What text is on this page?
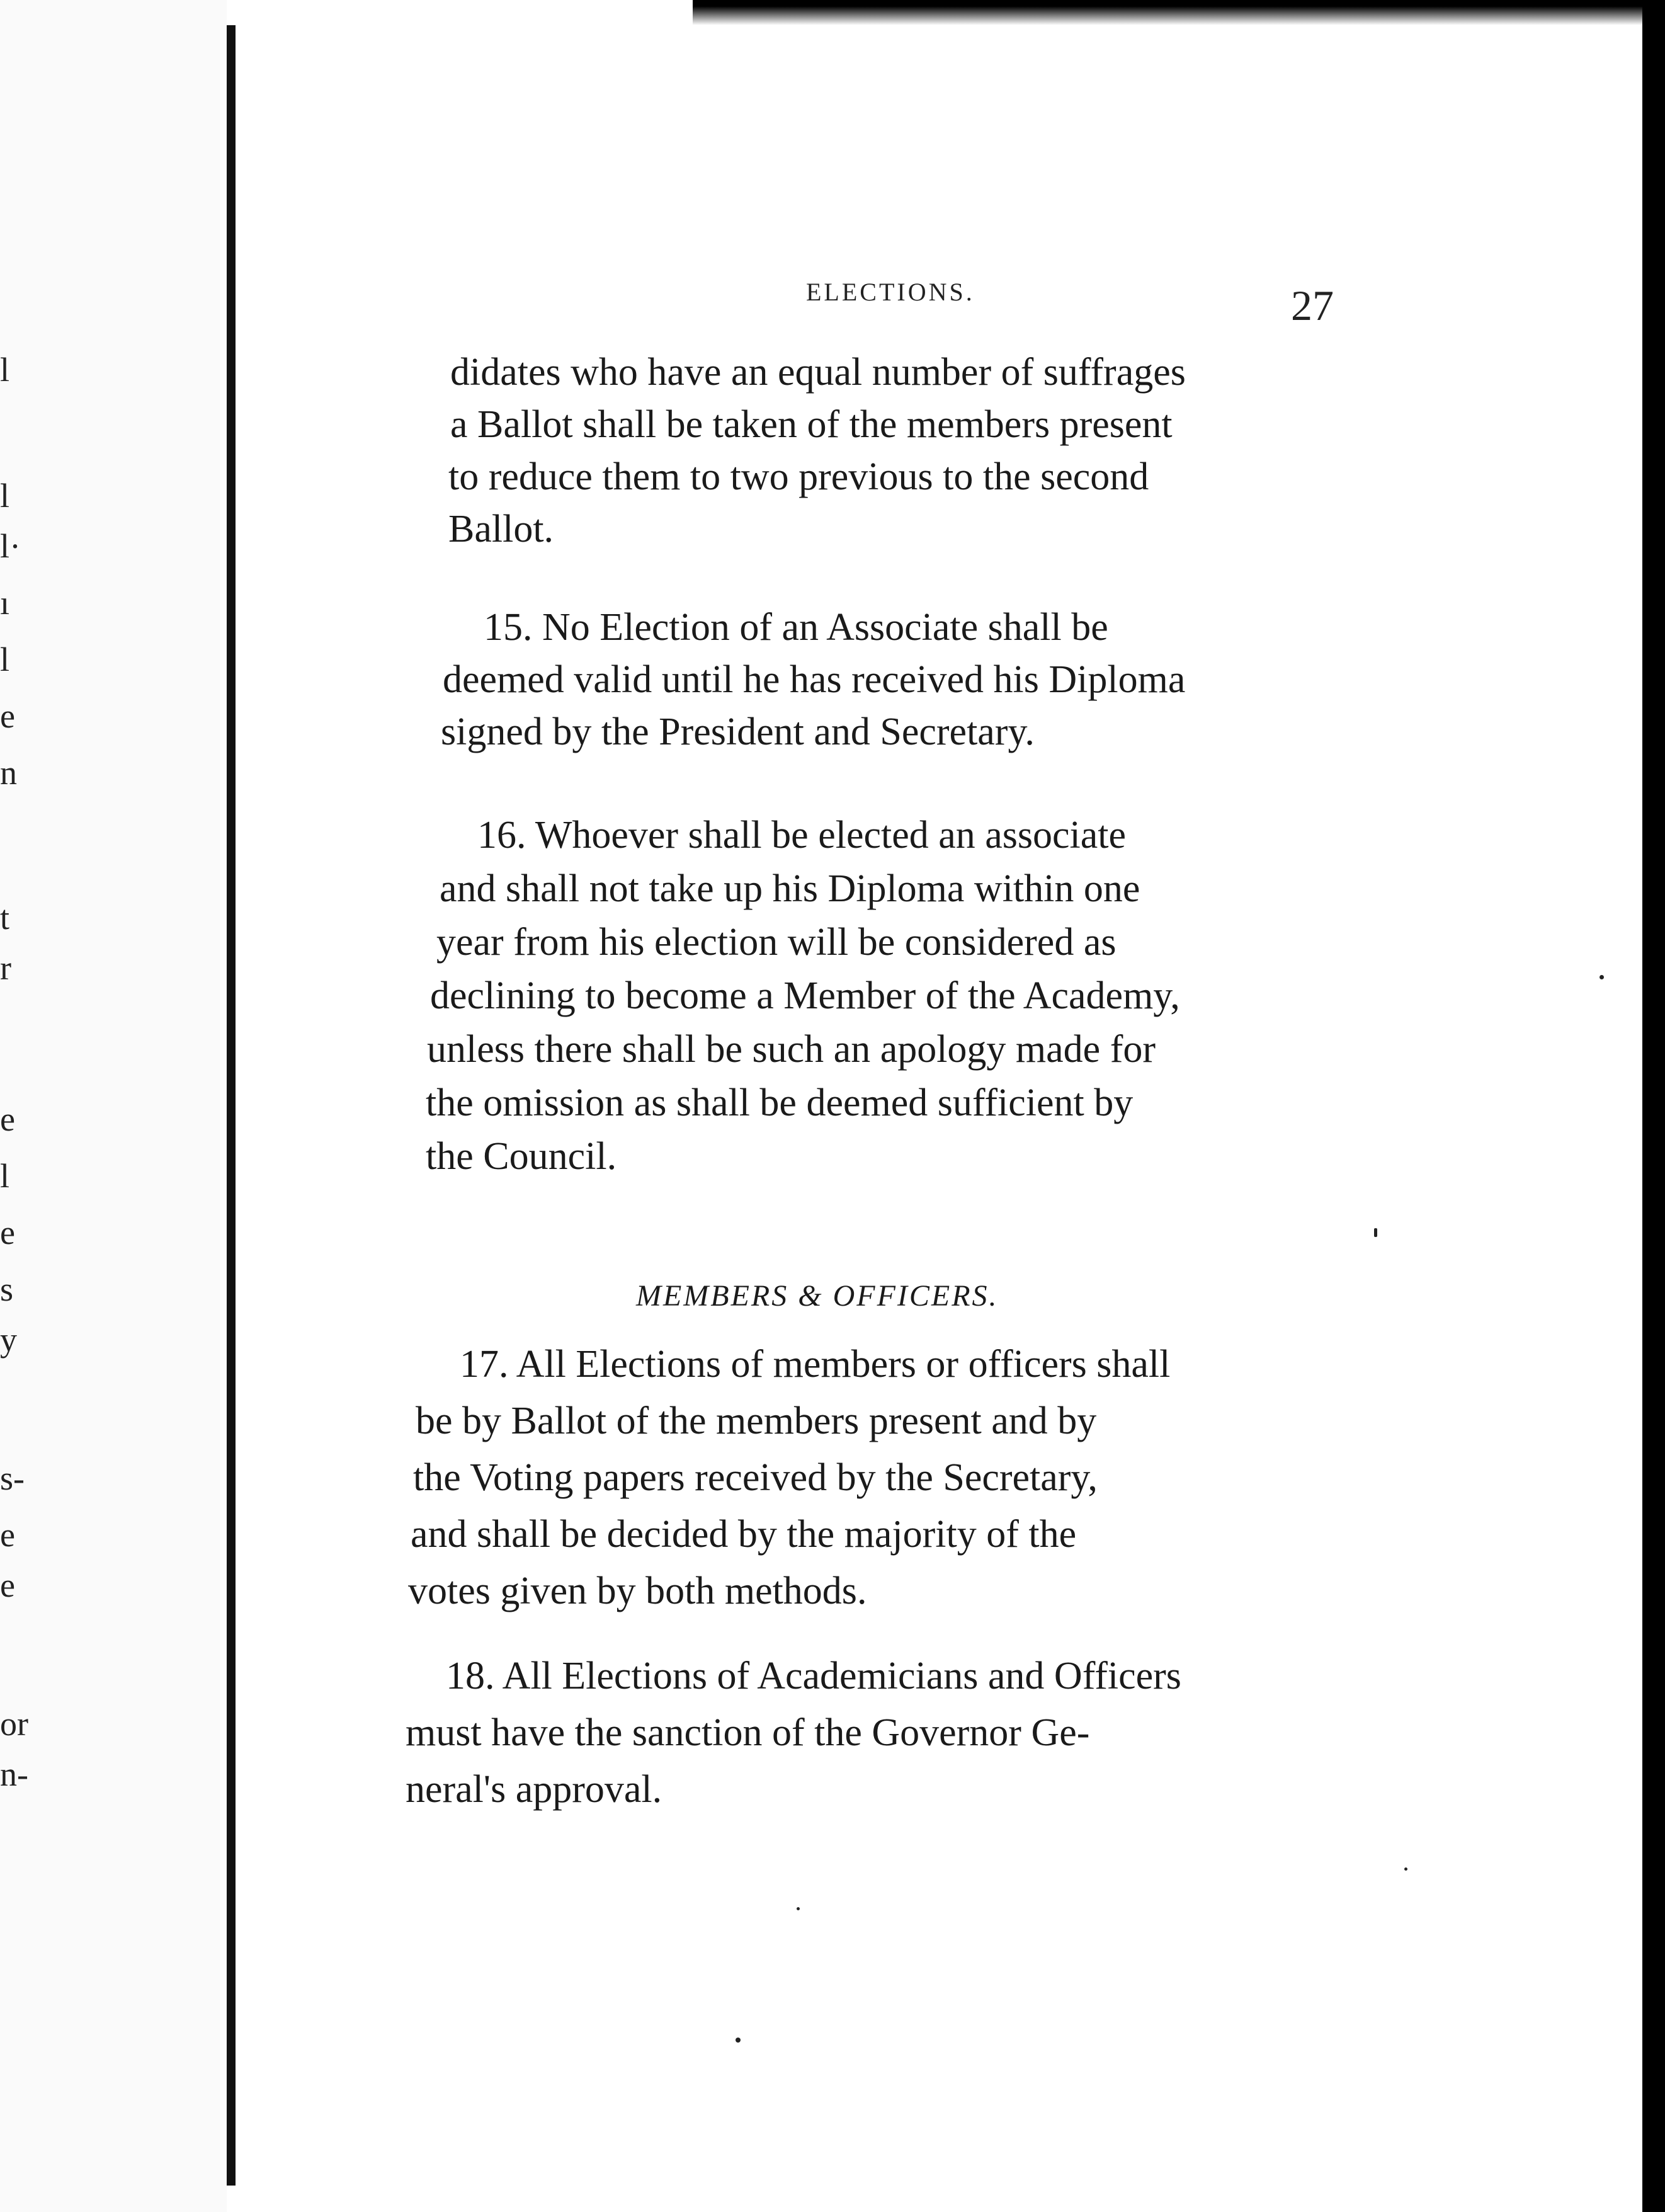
l
l
l·
ı
l
e
n
t
r
e
l
e
s
y
s-
e
e
or
n-
ELECTIONS.	27
didates who have an equal number of suffrages
a Ballot shall be taken of the members present
to reduce them to two previous to the second
Ballot.
15. No Election of an Associate shall be
deemed valid until he has received his Diploma
signed by the President and Secretary.
16. Whoever shall be elected an associate
and shall not take up his Diploma within one
year from his election will be considered as
declining to become a Member of the Academy,
unless there shall be such an apology made for
the omission as shall be deemed sufficient by
the Council.
MEMBERS & OFFICERS.
17. All Elections of members or officers shall
be by Ballot of the members present and by
the Voting papers received by the Secretary,
and shall be decided by the majority of the
votes given by both methods.
18. All Elections of Academicians and Officers
must have the sanction of the Governor Ge-
neral's approval.
